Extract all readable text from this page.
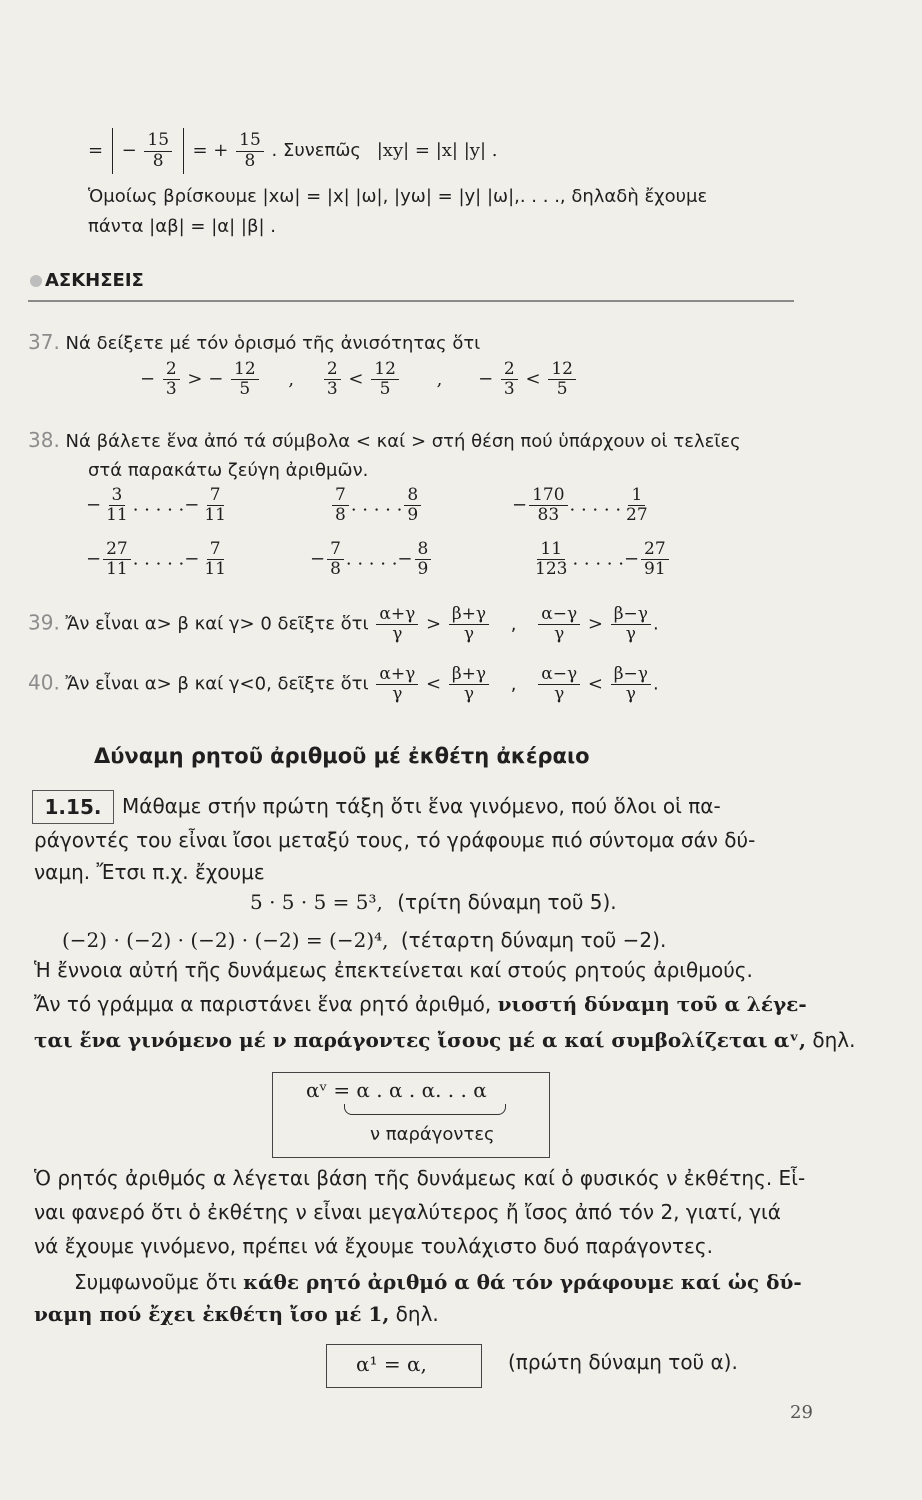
= − $\frac{15}{8}$ = + $\frac{15}{8}$ . Συνεπῶς |xy| = |x| |y| .
Ὁμοίως βρίσκουμε |xω| = |x| |ω|, |yω| = |y| |ω|,. . . ., δηλαδὴ ἔχουμε
πάντα |αβ| = |α| |β| .
ΑΣΚΗΣΕΙΣ
37. Νά δείξετε μέ τόν ὁρισμό τῆς ἀνισότητας ὅτι
− $\frac{2}{3}$ > − $\frac{12}{5}$ , $\frac{2}{3} < \frac{12}{5}$ , − $\frac{2}{3} < \frac{12}{5}$
38. Νά βάλετε ἕνα ἀπό τά σύμβολα < καί > στή θέση πού ὑπάρχουν οἱ τελεῖες
στά παρακάτω ζεύγη ἀριθμῶν.
− $\frac{3}{11}$ . . . . .− $\frac{7}{11}$	$\frac{7}{8}$ . . . . . $\frac{8}{9}$	− $\frac{170}{83}$ . . . . . $\frac{1}{27}$
− $\frac{27}{11}$ . . . . .− $\frac{7}{11}$	− $\frac{7}{8}$ . . . . .− $\frac{8}{9}$	$\frac{11}{123}$ . . . . .− $\frac{27}{91}$
39. Ἄν εἶναι α> β καί γ> 0 δεῖξτε ὅτι $\frac{\alpha+\gamma}{\gamma} > \frac{\beta+\gamma}{\gamma}$ , $\frac{\alpha-\gamma}{\gamma} > \frac{\beta-\gamma}{\gamma}$ .
40. Ἄν εἶναι α> β καί γ<0, δεῖξτε ὅτι $\frac{\alpha+\gamma}{\gamma} < \frac{\beta+\gamma}{\gamma}$ , $\frac{\alpha-\gamma}{\gamma} < \frac{\beta-\gamma}{\gamma}$ .
Δύναμη ρητοῦ ἀριθμοῦ μέ ἐκθέτη ἀκέραιο
1.15.	Μάθαμε στήν πρώτη τάξη ὅτι ἕνα γινόμενο, πού ὅλοι οἱ πα-
ράγοντές του εἶναι ἴσοι μεταξύ τους, τό γράφουμε πιό σύντομα σάν δύ-
ναμη. Ἔτσι π.χ. ἔχουμε
5 · 5 · 5 = 5³, (τρίτη δύναμη τοῦ 5).
(−2) · (−2) · (−2) · (−2) = (−2)⁴, (τέταρτη δύναμη τοῦ −2).
Ἡ ἔννοια αὐτή τῆς δυνάμεως ἐπεκτείνεται καί στούς ρητούς ἀριθμούς.
Ἄν τό γράμμα α παριστάνει ἕνα ρητό ἀριθμό, νιοστή δύναμη τοῦ α λέγε-
ται ἕνα γινόμενο μέ ν παράγοντες ἴσους μέ α καί συμβολίζεται αᵛ, δηλ.
αᵛ = α . α . α. . . α
ν παράγοντες
Ὁ ρητός ἀριθμός α λέγεται βάση τῆς δυνάμεως καί ὁ φυσικός ν ἐκθέτης. Εἷ-
ναι φανερό ὅτι ὁ ἐκθέτης ν εἶναι μεγαλύτερος ἤ ἴσος ἀπό τόν 2, γιατί, γιά
νά ἔχουμε γινόμενο, πρέπει νά ἔχουμε τουλάχιστο δυό παράγοντες.
Συμφωνοῦμε ὅτι κάθε ρητό ἀριθμό α θά τόν γράφουμε καί ὡς δύ-
ναμη πού ἔχει ἐκθέτη ἴσο μέ 1, δηλ.
α¹ = α,	(πρώτη δύναμη τοῦ α).
29
